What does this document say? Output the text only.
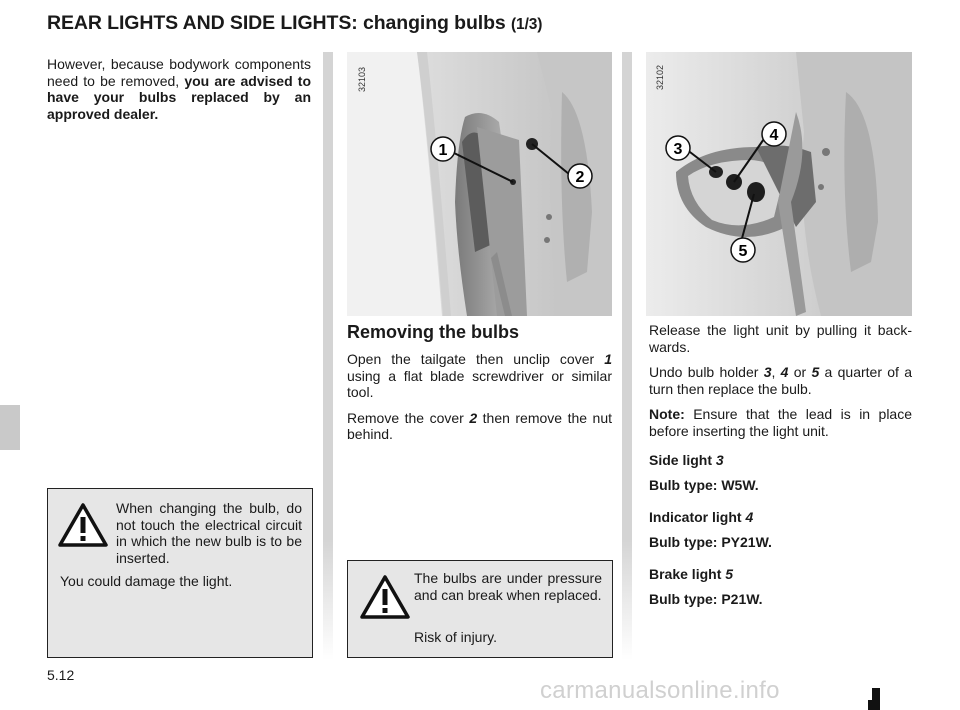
REAR LIGHTS AND SIDE LIGHTS: changing bulbs (1/3)

However, because bodywork components need to be removed, you are advised to have your bulbs replaced by an approved dealer.

When changing the bulb, do not touch the electrical circuit in which the new bulb is to be inserted.
You could damage the light.
1
2
32103
3
4
5
32102
Removing the bulbs

Open the tailgate then unclip cover 1 using a flat blade screwdriver or similar tool.

Remove the cover 2 then remove the nut behind.

The bulbs are under pressure and can break when replaced.
Risk of injury.

Release the light unit by pulling it backwards.

Undo bulb holder 3, 4 or 5 a quarter of a turn then replace the bulb.

Note: Ensure that the lead is in place before inserting the light unit.

Side light 3
Bulb type: W5W.
Indicator light 4
Bulb type: PY21W.
Brake light 5
Bulb type: P21W.
5.12
carmanualsonline.info
